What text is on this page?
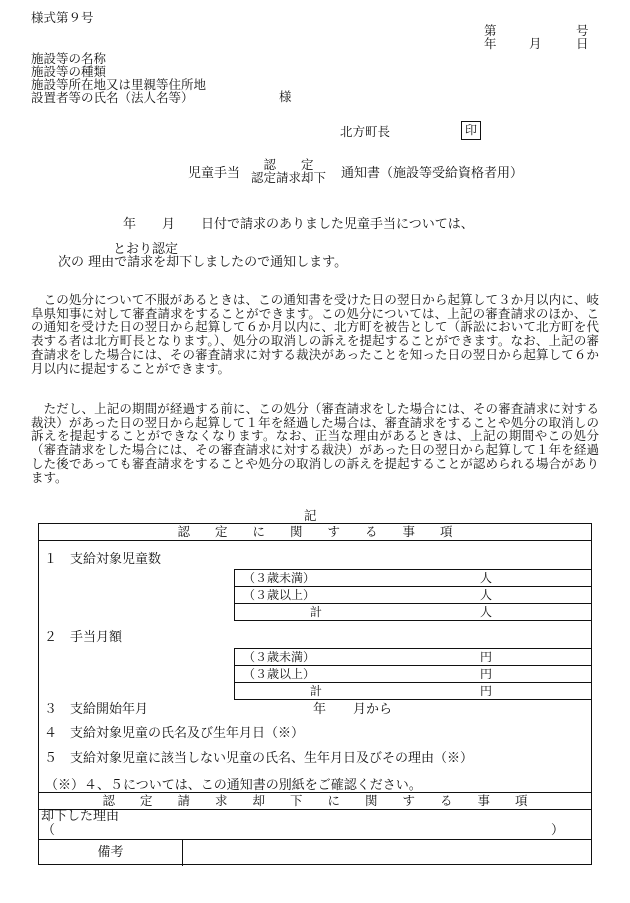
様式第９号
第	号
年	月	日
施設等の名称
施設等の種類
施設等所在地又は里親等住所地
設置者等の氏名（法人名等）	様
北方町長	印
児童手当
認　　定
認定請求却下 通知書（施設等受給資格者用）
年　　月　　日付で請求のありました児童手当については、
とおり認定
次の 理由で請求を却下しましたので通知します。
　この処分について不服があるときは、この通知書を受けた日の翌日から起算して３か月以内に、岐阜県知事に対して審査請求をすることができます。この処分については、上記の審査請求のほか、この通知を受けた日の翌日から起算して６か月以内に、北方町を被告として（訴訟において北方町を代表する者は北方町長となります。）、処分の取消しの訴えを提起することができます。なお、上記の審査請求をした場合には、その審査請求に対する裁決があったことを知った日の翌日から起算して６か月以内に提起することができます。
　ただし、上記の期間が経過する前に、この処分（審査請求をした場合には、その審査請求に対する裁決）があった日の翌日から起算して１年を経過した場合は、審査請求をすることや処分の取消しの訴えを提起することができなくなります。なお、正当な理由があるときは、上記の期間やこの処分（審査請求をした場合には、その審査請求に対する裁決）があった日の翌日から起算して１年を経過した後であっても審査請求をすることや処分の取消しの訴えを提起することが認められる場合があります。
記
認　　定　　に　　関　　す　　る　　事　　項
１　支給対象児童数
（３歳未満）	人
（３歳以上）	人
計	人
２　手当月額
（３歳未満）	円
（３歳以上）	円
計	円
３　支給開始年月	年 月から
４　支給対象児童の氏名及び生年月日（※）
５　支給対象児童に該当しない児童の氏名、生年月日及びその理由（※）
（※）４、５については、この通知書の別紙をご確認ください。
認　　定　　請　　求　　却　　下　　に　　関　　す　　る　　事　　項
却下した理由
（	）
備考
